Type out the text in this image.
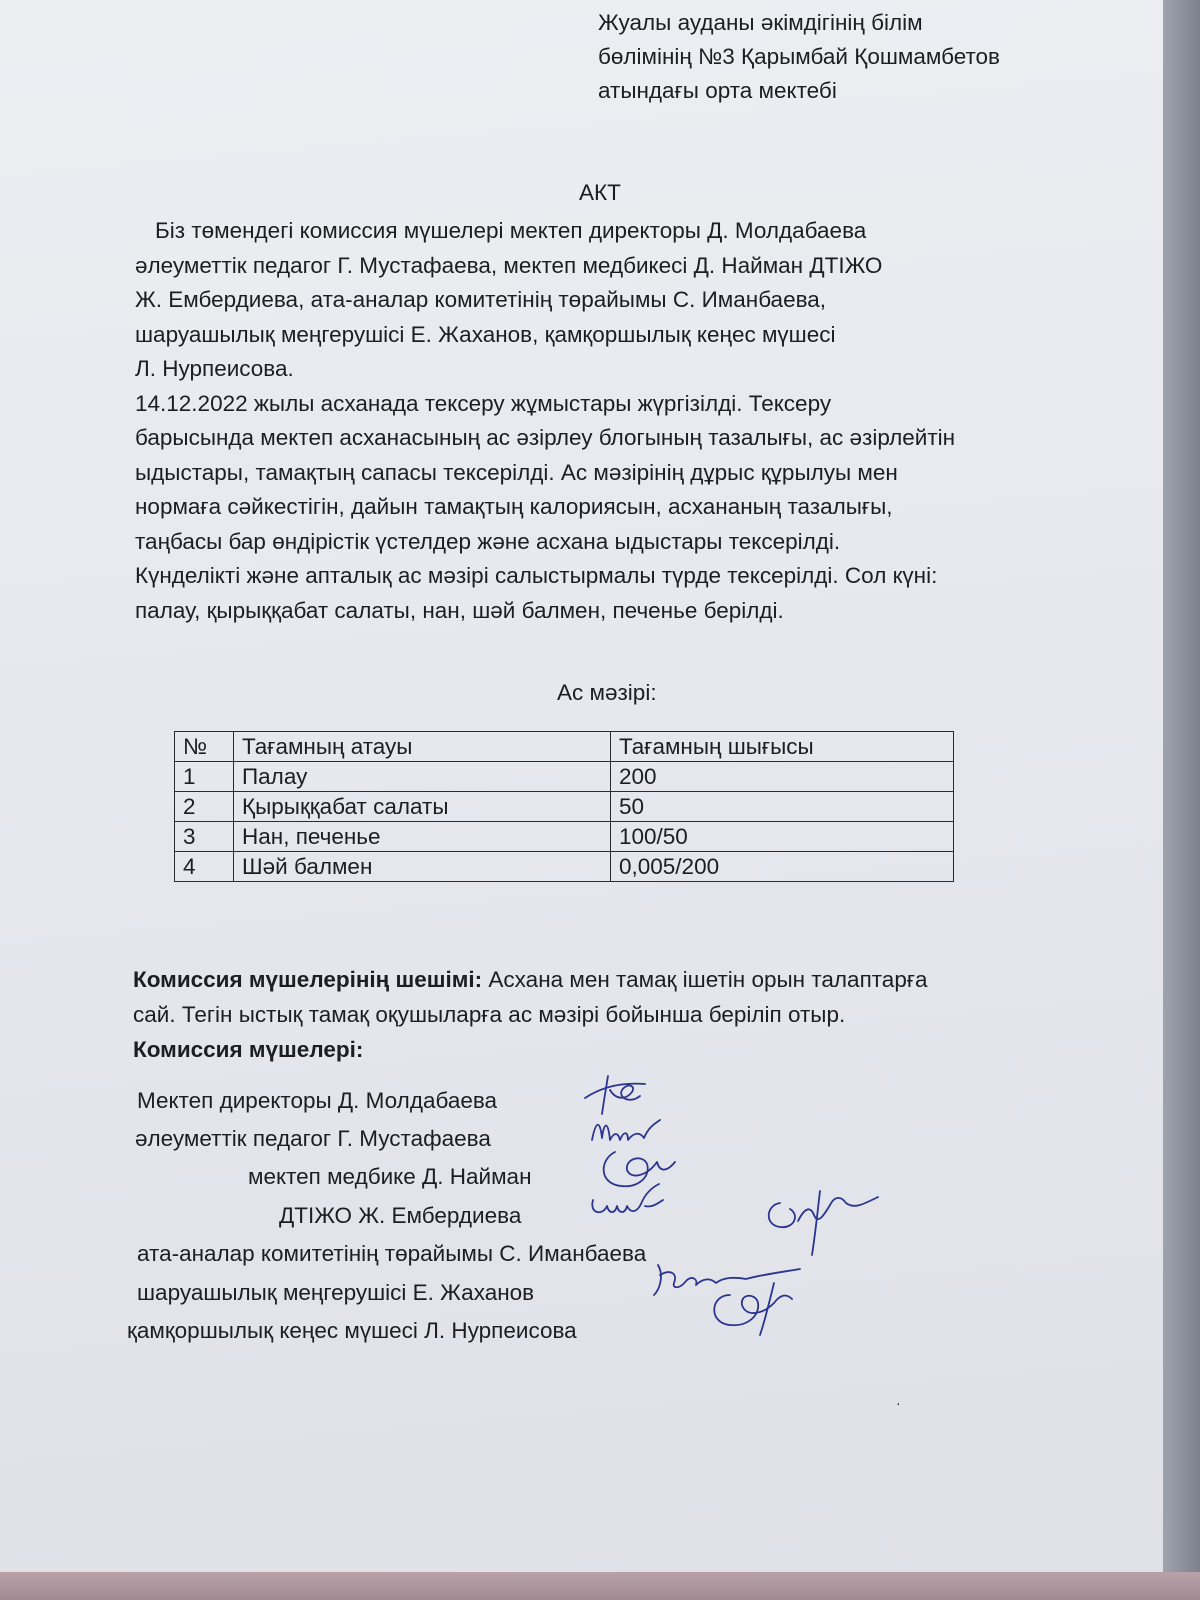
Жуалы ауданы әкімдігінің білім
бөлімінің №3 Қарымбай Қошмамбетов
атындағы орта мектебі
АКТ
Біз төмендегі комиссия мүшелері мектеп директоры Д. Молдабаева
әлеуметтік педагог Г. Мустафаева, мектеп медбикесі Д. Найман ДТІЖО
Ж. Ембердиева, ата-аналар комитетінің төрайымы С. Иманбаева,
шаруашылық меңгерушісі Е. Жаханов, қамқоршылық кеңес мүшесі
Л. Нурпеисова.
14.12.2022 жылы асханада тексеру жұмыстары жүргізілді. Тексеру
барысында мектеп асханасының ас әзірлеу блогының тазалығы, ас әзірлейтін
ыдыстары, тамақтың сапасы тексерілді. Ас мәзірінің дұрыс құрылуы мен
нормаға сәйкестігін, дайын тамақтың калориясын, асхананың тазалығы,
таңбасы бар өндірістік үстелдер және асхана ыдыстары тексерілді.
Күнделікті және апталық ас мәзірі салыстырмалы түрде тексерілді. Сол күні:
палау, қырыққабат салаты, нан, шәй балмен, печенье берілді.
Ас мәзірі:
№	Тағамның атауы	Тағамның шығысы
1	Палау	200
2	Қырыққабат салаты	50
3	Нан, печенье	100/50
4	Шәй балмен	0,005/200
Комиссия мүшелерінің шешімі: Асхана мен тамақ ішетін орын талаптарға
сай. Тегін ыстық тамақ оқушыларға ас мәзірі бойынша беріліп отыр.
Комиссия мүшелері:
Мектеп директоры Д. Молдабаева
әлеуметтік педагог Г. Мустафаева
мектеп медбике Д. Найман
ДТІЖО Ж. Ембердиева
ата-аналар комитетінің төрайымы С. Иманбаева
шаруашылық меңгерушісі Е. Жаханов
қамқоршылық кеңес мүшесі Л. Нурпеисова
·
